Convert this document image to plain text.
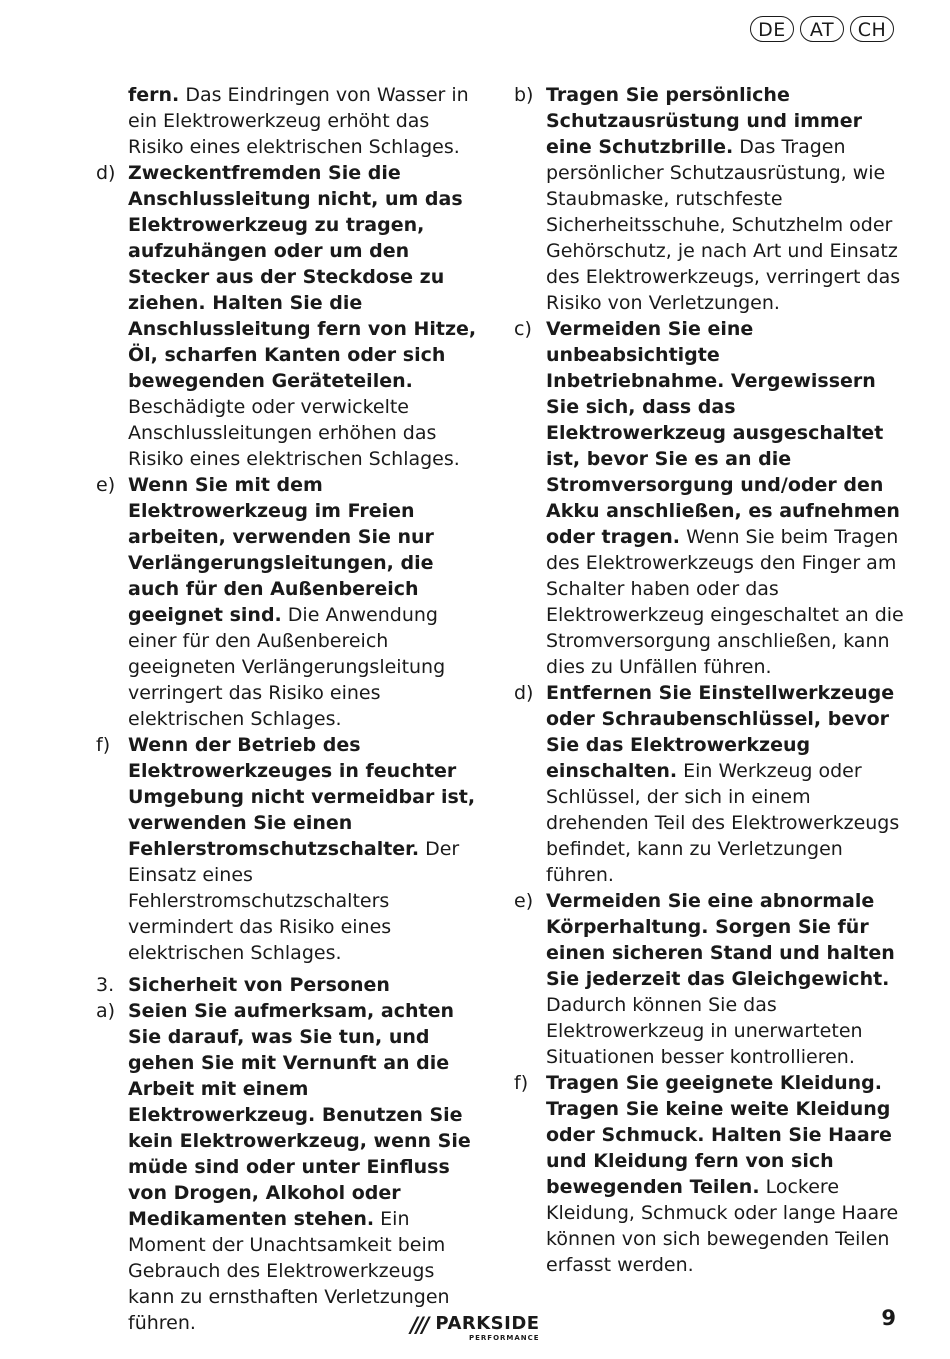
DE	AT	CH
fern. Das Eindringen von Wasser in ein Elektrowerkzeug erhöht das Risiko eines elektrischen Schlages.
d) Zweckentfremden Sie die Anschlussleitung nicht, um das Elektrowerkzeug zu tragen, aufzuhängen oder um den Stecker aus der Steckdose zu ziehen. Halten Sie die Anschlussleitung fern von Hitze, Öl, scharfen Kanten oder sich bewegenden Geräteteilen. Beschädigte oder verwickelte Anschlussleitungen erhöhen das Risiko eines elektrischen Schlages.
e) Wenn Sie mit dem Elektrowerkzeug im Freien arbeiten, verwenden Sie nur Verlängerungsleitungen, die auch für den Außenbereich geeignet sind. Die Anwendung einer für den Außenbereich geeigneten Verlängerungsleitung verringert das Risiko eines elektrischen Schlages.
f) Wenn der Betrieb des Elektrowerkzeuges in feuchter Umgebung nicht vermeidbar ist, verwenden Sie einen Fehlerstromschutzschalter. Der Einsatz eines Fehlerstromschutzschalters vermindert das Risiko eines elektrischen Schlages.
3. Sicherheit von Personen
a) Seien Sie aufmerksam, achten Sie darauf, was Sie tun, und gehen Sie mit Vernunft an die Arbeit mit einem Elektrowerkzeug. Benutzen Sie kein Elektrowerkzeug, wenn Sie müde sind oder unter Einfluss von Drogen, Alkohol oder Medikamenten stehen. Ein Moment der Unachtsamkeit beim Gebrauch des Elektrowerkzeugs kann zu ernsthaften Verletzungen führen.
b) Tragen Sie persönliche Schutzausrüstung und immer eine Schutzbrille. Das Tragen persönlicher Schutzausrüstung, wie Staubmaske, rutschfeste Sicherheitsschuhe, Schutzhelm oder Gehörschutz, je nach Art und Einsatz des Elektrowerkzeugs, verringert das Risiko von Verletzungen.
c) Vermeiden Sie eine unbeabsichtigte Inbetriebnahme. Vergewissern Sie sich, dass das Elektrowerkzeug ausgeschaltet ist, bevor Sie es an die Stromversorgung und/oder den Akku anschließen, es aufnehmen oder tragen. Wenn Sie beim Tragen des Elektrowerkzeugs den Finger am Schalter haben oder das Elektrowerkzeug eingeschaltet an die Stromversorgung anschließen, kann dies zu Unfällen führen.
d) Entfernen Sie Einstellwerkzeuge oder Schraubenschlüssel, bevor Sie das Elektrowerkzeug einschalten. Ein Werkzeug oder Schlüssel, der sich in einem drehenden Teil des Elektrowerkzeugs befindet, kann zu Verletzungen führen.
e) Vermeiden Sie eine abnormale Körperhaltung. Sorgen Sie für einen sicheren Stand und halten Sie jederzeit das Gleichgewicht. Dadurch können Sie das Elektrowerkzeug in unerwarteten Situationen besser kontrollieren.
f) Tragen Sie geeignete Kleidung. Tragen Sie keine weite Kleidung oder Schmuck. Halten Sie Haare und Kleidung fern von sich bewegenden Teilen. Lockere Kleidung, Schmuck oder lange Haare können von sich bewegenden Teilen erfasst werden.
/// PARKSIDE
PERFORMANCE
9
